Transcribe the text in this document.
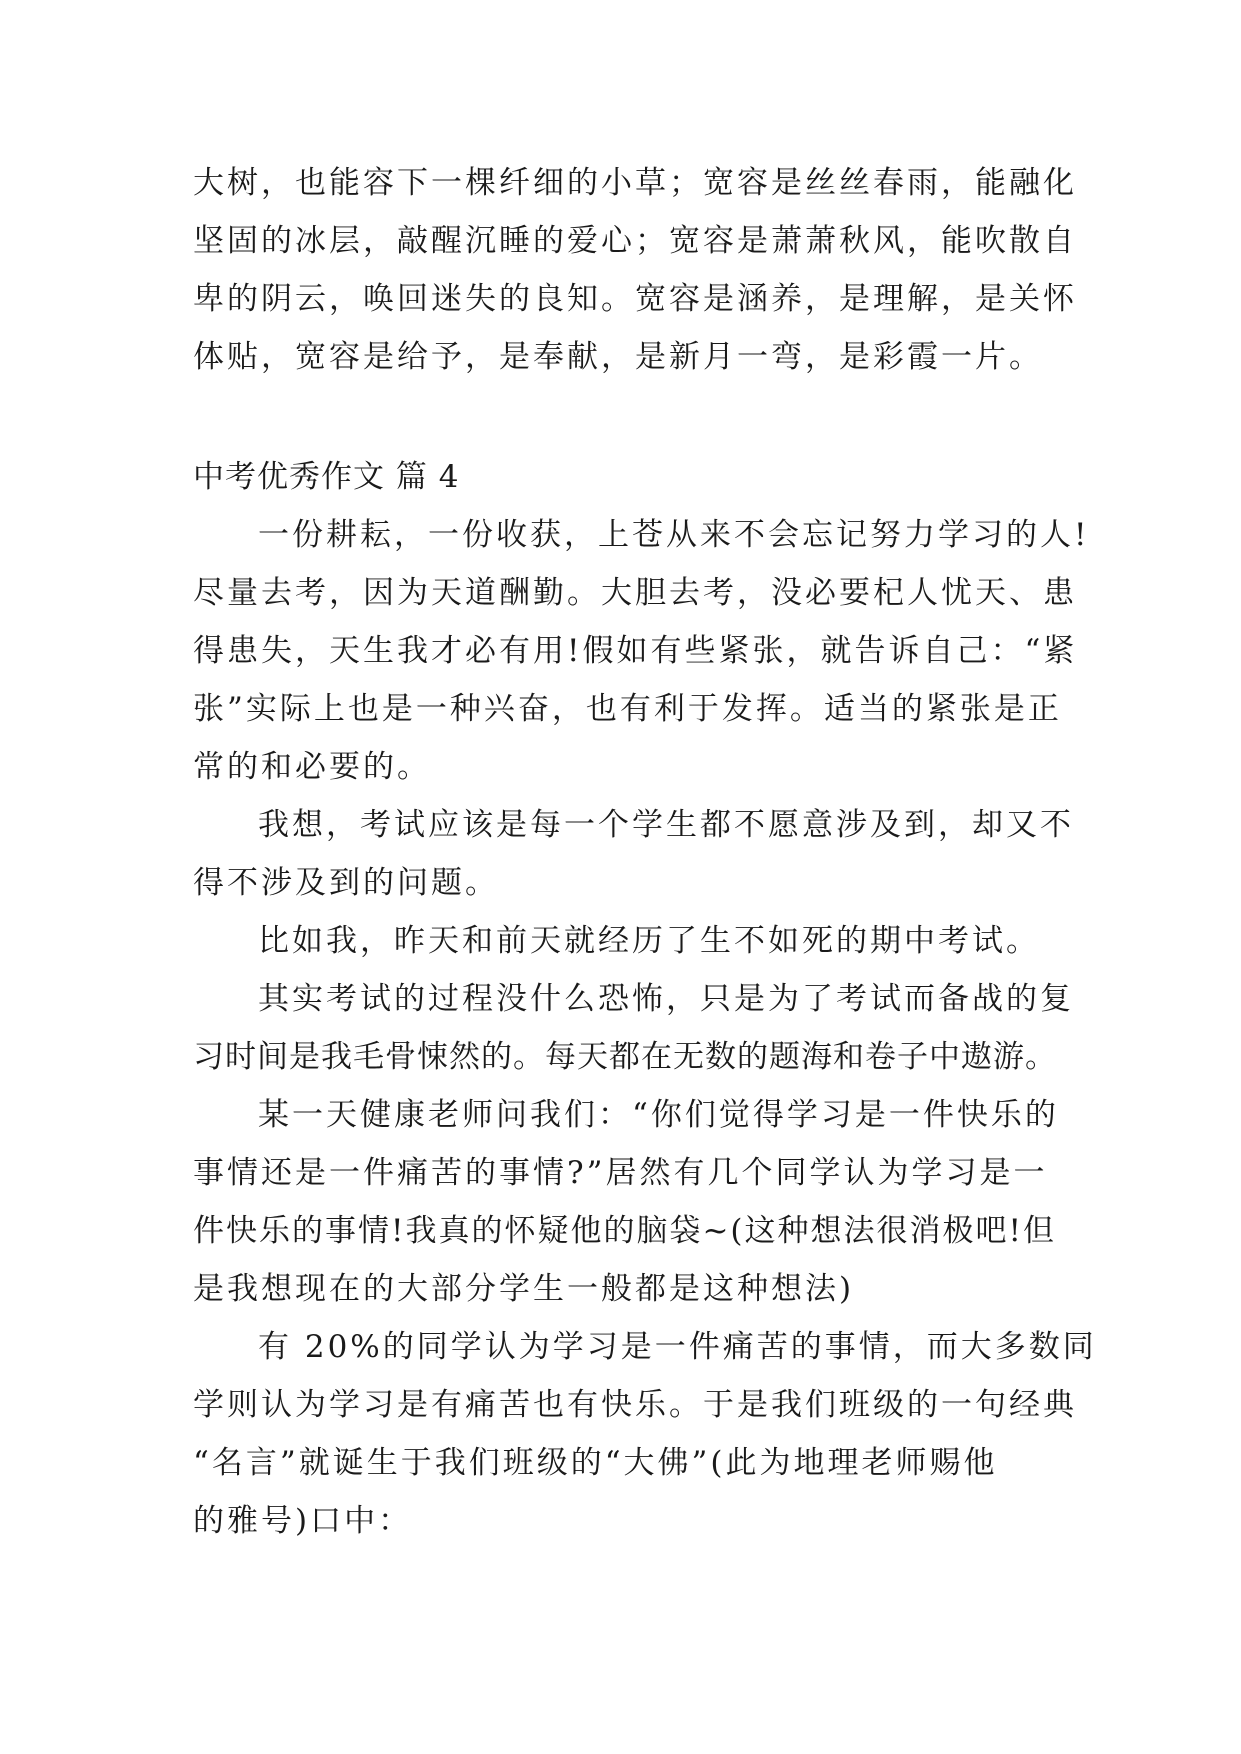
大树，也能容下一棵纤细的小草；宽容是丝丝春雨，能融化
坚固的冰层，敲醒沉睡的爱心；宽容是萧萧秋风，能吹散自
卑的阴云，唤回迷失的良知。宽容是涵养，是理解，是关怀
体贴，宽容是给予，是奉献，是新月一弯，是彩霞一片。
中考优秀作文 篇 4
一份耕耘，一份收获，上苍从来不会忘记努力学习的人!
尽量去考，因为天道酬勤。大胆去考，没必要杞人忧天、患
得患失，天生我才必有用!假如有些紧张，就告诉自己：“紧
张”实际上也是一种兴奋，也有利于发挥。适当的紧张是正
常的和必要的。
我想，考试应该是每一个学生都不愿意涉及到，却又不
得不涉及到的问题。
比如我，昨天和前天就经历了生不如死的期中考试。
其实考试的过程没什么恐怖，只是为了考试而备战的复
习时间是我毛骨悚然的。每天都在无数的题海和卷子中遨游。
某一天健康老师问我们：“你们觉得学习是一件快乐的
事情还是一件痛苦的事情?”居然有几个同学认为学习是一
件快乐的事情!我真的怀疑他的脑袋~(这种想法很消极吧!但
是我想现在的大部分学生一般都是这种想法)
有 20%的同学认为学习是一件痛苦的事情，而大多数同
学则认为学习是有痛苦也有快乐。于是我们班级的一句经典
“名言”就诞生于我们班级的“大佛”(此为地理老师赐他
的雅号)口中：
